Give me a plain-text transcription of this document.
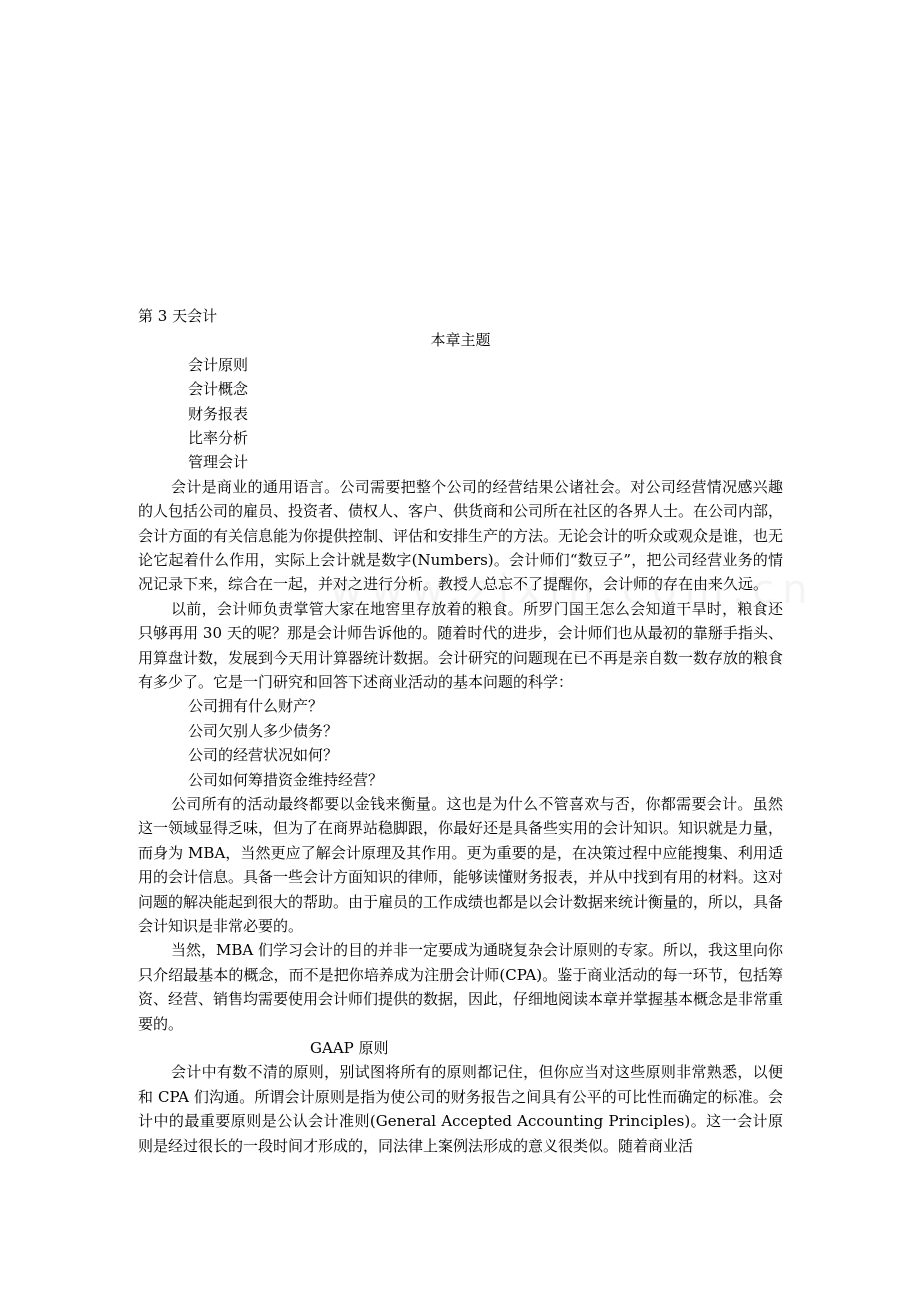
第 3 天会计
本章主题
会计原则
会计概念
财务报表
比率分析
管理会计

会计是商业的通用语言。公司需要把整个公司的经营结果公诸社会。对公司经营情况感兴趣的人包括公司的雇员、投资者、债权人、客户、供货商和公司所在社区的各界人士。在公司内部，会计方面的有关信息能为你提供控制、评估和安排生产的方法。无论会计的听众或观众是谁，也无论它起着什么作用，实际上会计就是数字(Numbers)。会计师们“数豆子”，把公司经营业务的情况记录下来，综合在一起，并对之进行分析。教授人总忘不了提醒你，会计师的存在由来久远。

以前，会计师负责掌管大家在地窖里存放着的粮食。所罗门国王怎么会知道干旱时，粮食还只够再用 30 天的呢？那是会计师告诉他的。随着时代的进步，会计师们也从最初的靠掰手指头、用算盘计数，发展到今天用计算器统计数据。会计研究的问题现在已不再是亲自数一数存放的粮食有多少了。它是一门研究和回答下述商业活动的基本问题的科学：

公司拥有什么财产？
公司欠别人多少债务？
公司的经营状况如何？
公司如何筹措资金维持经营？

公司所有的活动最终都要以金钱来衡量。这也是为什么不管喜欢与否，你都需要会计。虽然这一领域显得乏味，但为了在商界站稳脚跟，你最好还是具备些实用的会计知识。知识就是力量，而身为 MBA，当然更应了解会计原理及其作用。更为重要的是，在决策过程中应能搜集、利用适用的会计信息。具备一些会计方面知识的律师，能够读懂财务报表，并从中找到有用的材料。这对问题的解决能起到很大的帮助。由于雇员的工作成绩也都是以会计数据来统计衡量的，所以，具备会计知识是非常必要的。

当然，MBA 们学习会计的目的并非一定要成为通晓复杂会计原则的专家。所以，我这里向你只介绍最基本的概念，而不是把你培养成为注册会计师(CPA)。鉴于商业活动的每一环节，包括筹资、经营、销售均需要使用会计师们提供的数据，因此，仔细地阅读本章并掌握基本概念是非常重要的。

GAAP 原则

会计中有数不清的原则，别试图将所有的原则都记住，但你应当对这些原则非常熟悉，以便和 CPA 们沟通。所谓会计原则是指为使公司的财务报告之间具有公平的可比性而确定的标准。会计中的最重要原则是公认会计准则(General Accepted Accounting Principles)。这一会计原则是经过很长的一段时间才形成的，同法律上案例法形成的意义很类似。随着商业活
